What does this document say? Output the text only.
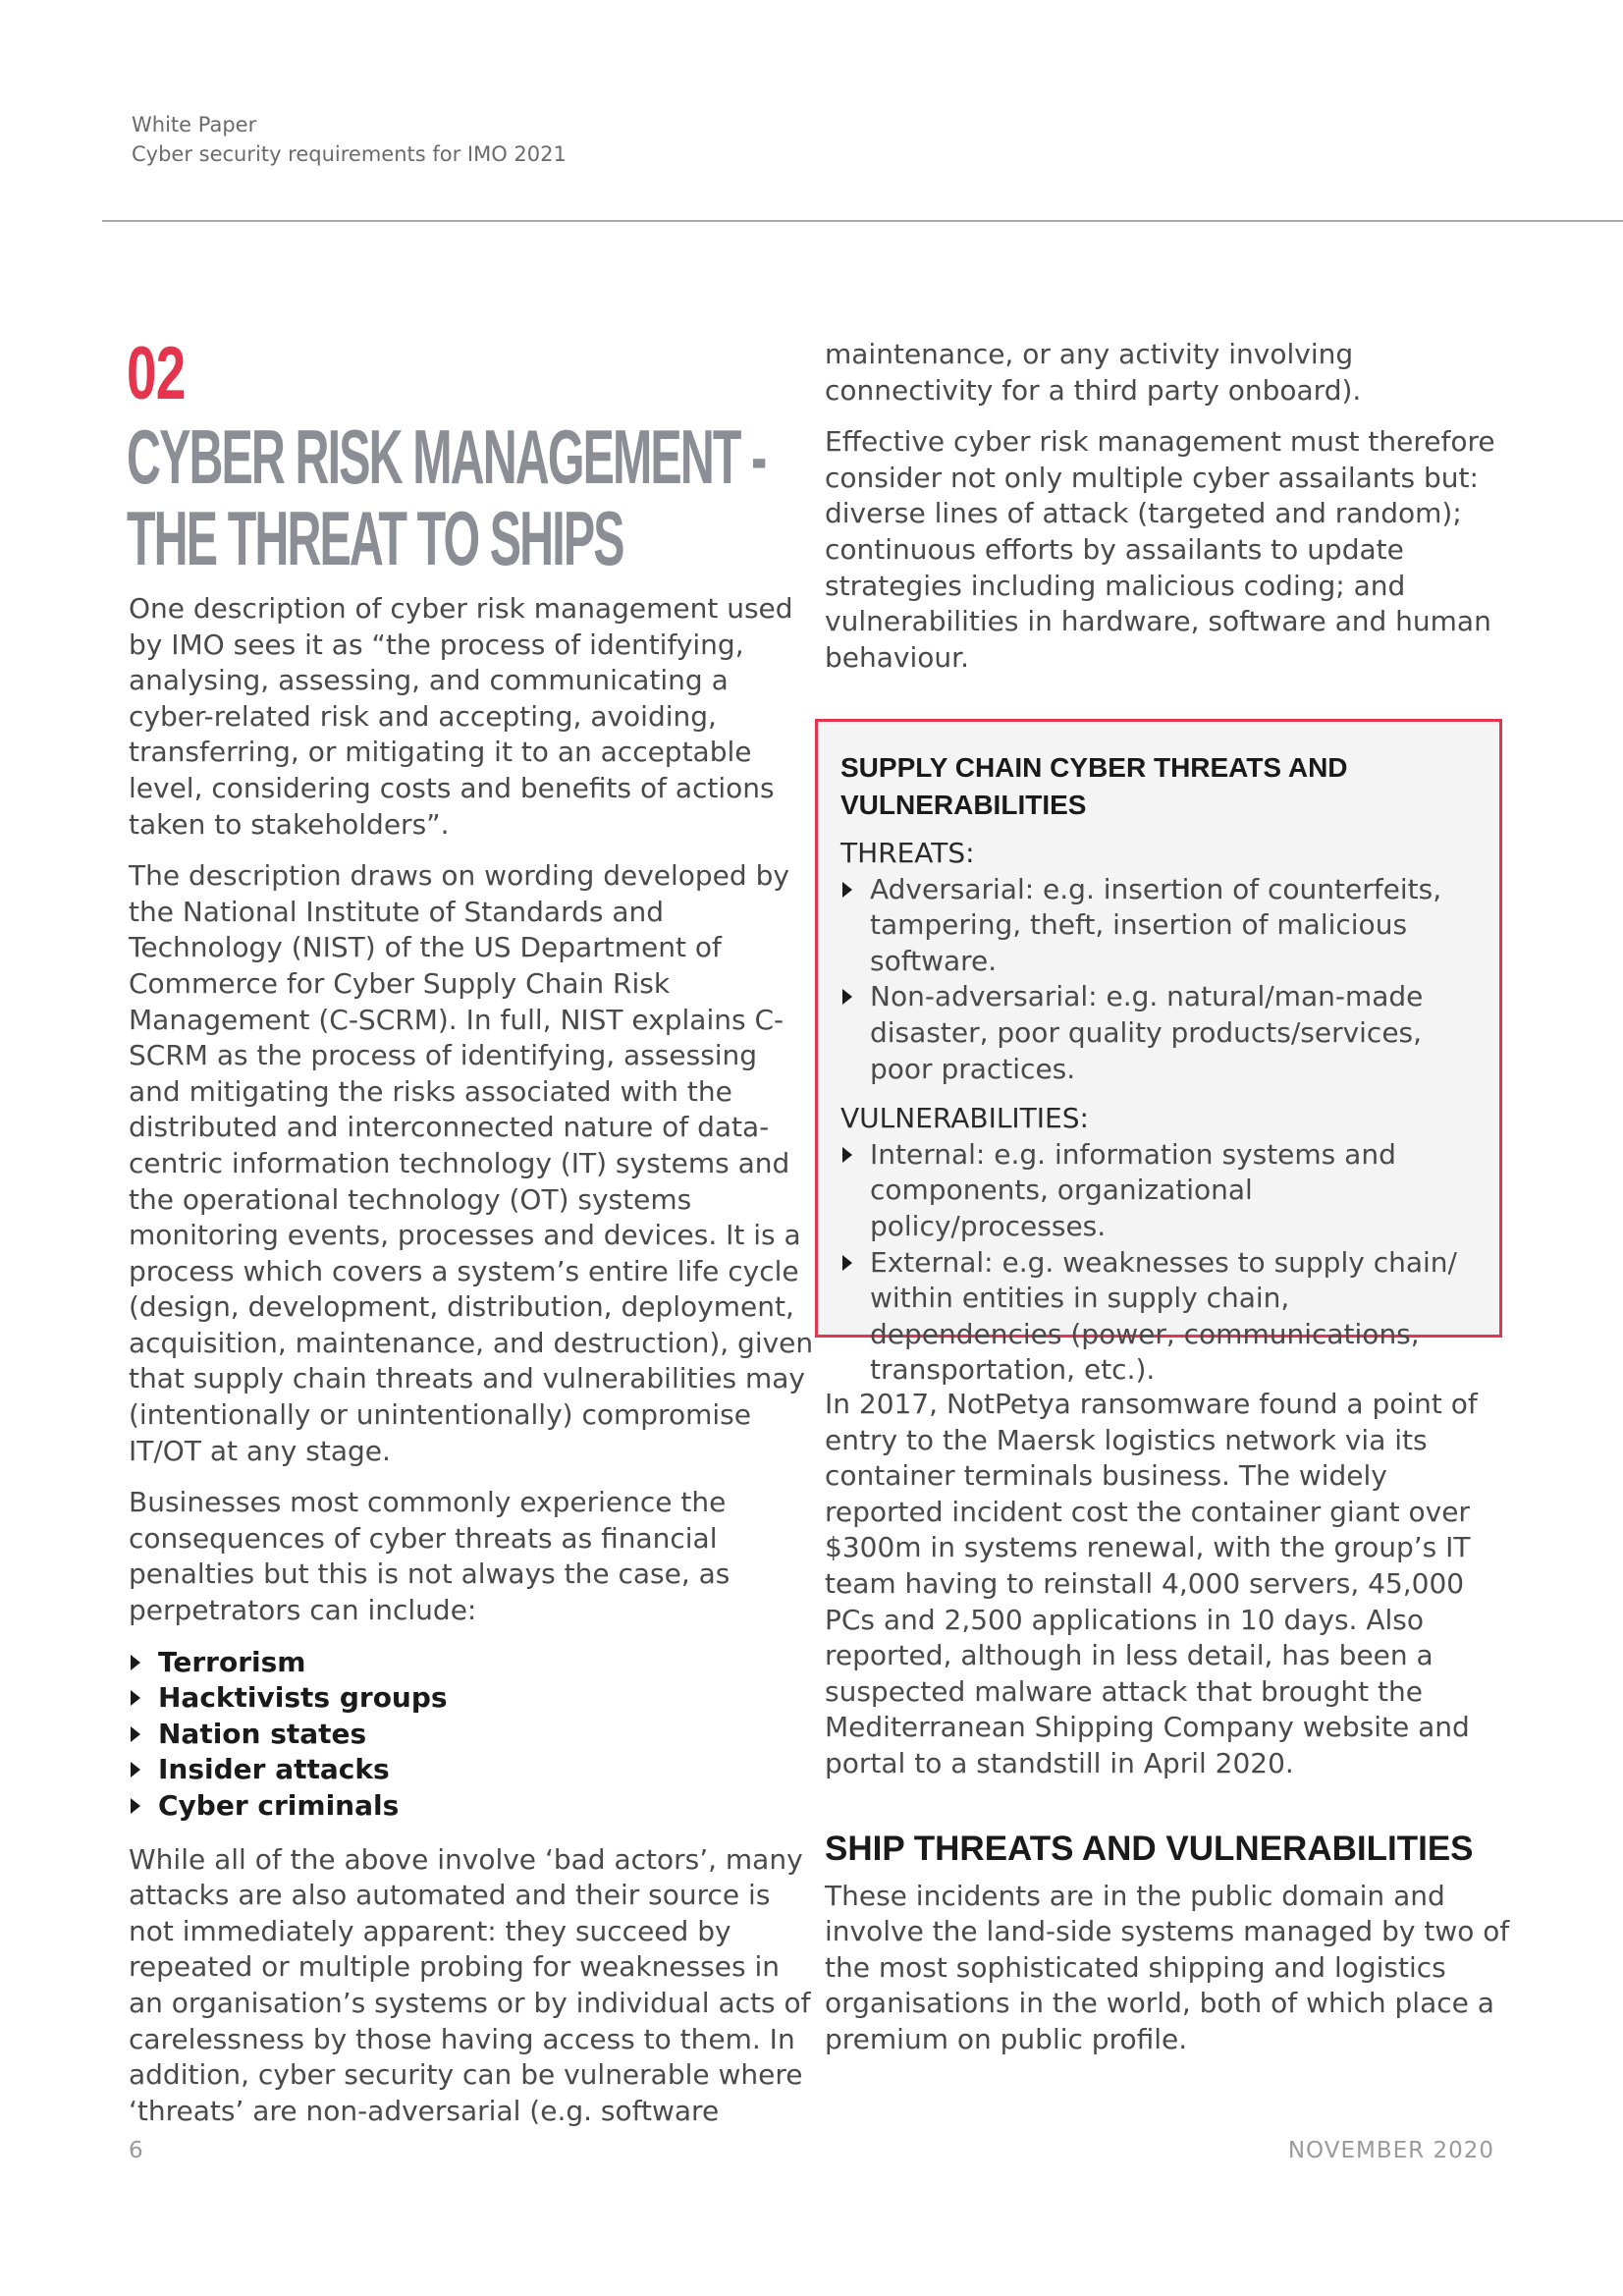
White Paper
Cyber security requirements for IMO 2021
02
CYBER RISK MANAGEMENT -
THE THREAT TO SHIPS

One description of cyber risk management used by IMO sees it as “the process of identifying, analysing, assessing, and communicating a cyber-related risk and accepting, avoiding, transferring, or mitigating it to an acceptable level, considering costs and benefits of actions taken to stakeholders”.

The description draws on wording developed by the National Institute of Standards and Technology (NIST) of the US Department of Commerce for Cyber Supply Chain Risk Management (C-SCRM). In full, NIST explains C-SCRM as the process of identifying, assessing and mitigating the risks associated with the distributed and interconnected nature of data-centric information technology (IT) systems and the operational technology (OT) systems monitoring events, processes and devices. It is a process which covers a system’s entire life cycle (design, development, distribution, deployment, acquisition, maintenance, and destruction), given that supply chain threats and vulnerabilities may (intentionally or unintentionally) compromise IT/OT at any stage.

Businesses most commonly experience the consequences of cyber threats as financial penalties but this is not always the case, as perpetrators can include:

Terrorism
Hacktivists groups
Nation states
Insider attacks
Cyber criminals

While all of the above involve ‘bad actors’, many attacks are also automated and their source is not immediately apparent: they succeed by repeated or multiple probing for weaknesses in an organisation’s systems or by individual acts of carelessness by those having access to them. In addition, cyber security can be vulnerable where ‘threats’ are non-adversarial (e.g. software

maintenance, or any activity involving connectivity for a third party onboard).

Effective cyber risk management must therefore consider not only multiple cyber assailants but: diverse lines of attack (targeted and random); continuous efforts by assailants to update strategies including malicious coding; and vulnerabilities in hardware, software and human behaviour.

SUPPLY CHAIN CYBER THREATS AND
VULNERABILITIES
THREATS:
Adversarial: e.g. insertion of counterfeits, tampering, theft, insertion of malicious software.
Non-adversarial: e.g. natural/man-made disaster, poor quality products/services, poor practices.
VULNERABILITIES:
Internal: e.g. information systems and components, organizational policy/processes.
External: e.g. weaknesses to supply chain/ within entities in supply chain, dependencies (power, communications, transportation, etc.).

In 2017, NotPetya ransomware found a point of entry to the Maersk logistics network via its container terminals business. The widely reported incident cost the container giant over $300m in systems renewal, with the group’s IT team having to reinstall 4,000 servers, 45,000 PCs and 2,500 applications in 10 days. Also reported, although in less detail, has been a suspected malware attack that brought the Mediterranean Shipping Company website and portal to a standstill in April 2020.

SHIP THREATS AND VULNERABILITIES

These incidents are in the public domain and involve the land-side systems managed by two of the most sophisticated shipping and logistics organisations in the world, both of which place a premium on public profile.

6	NOVEMBER 2020
